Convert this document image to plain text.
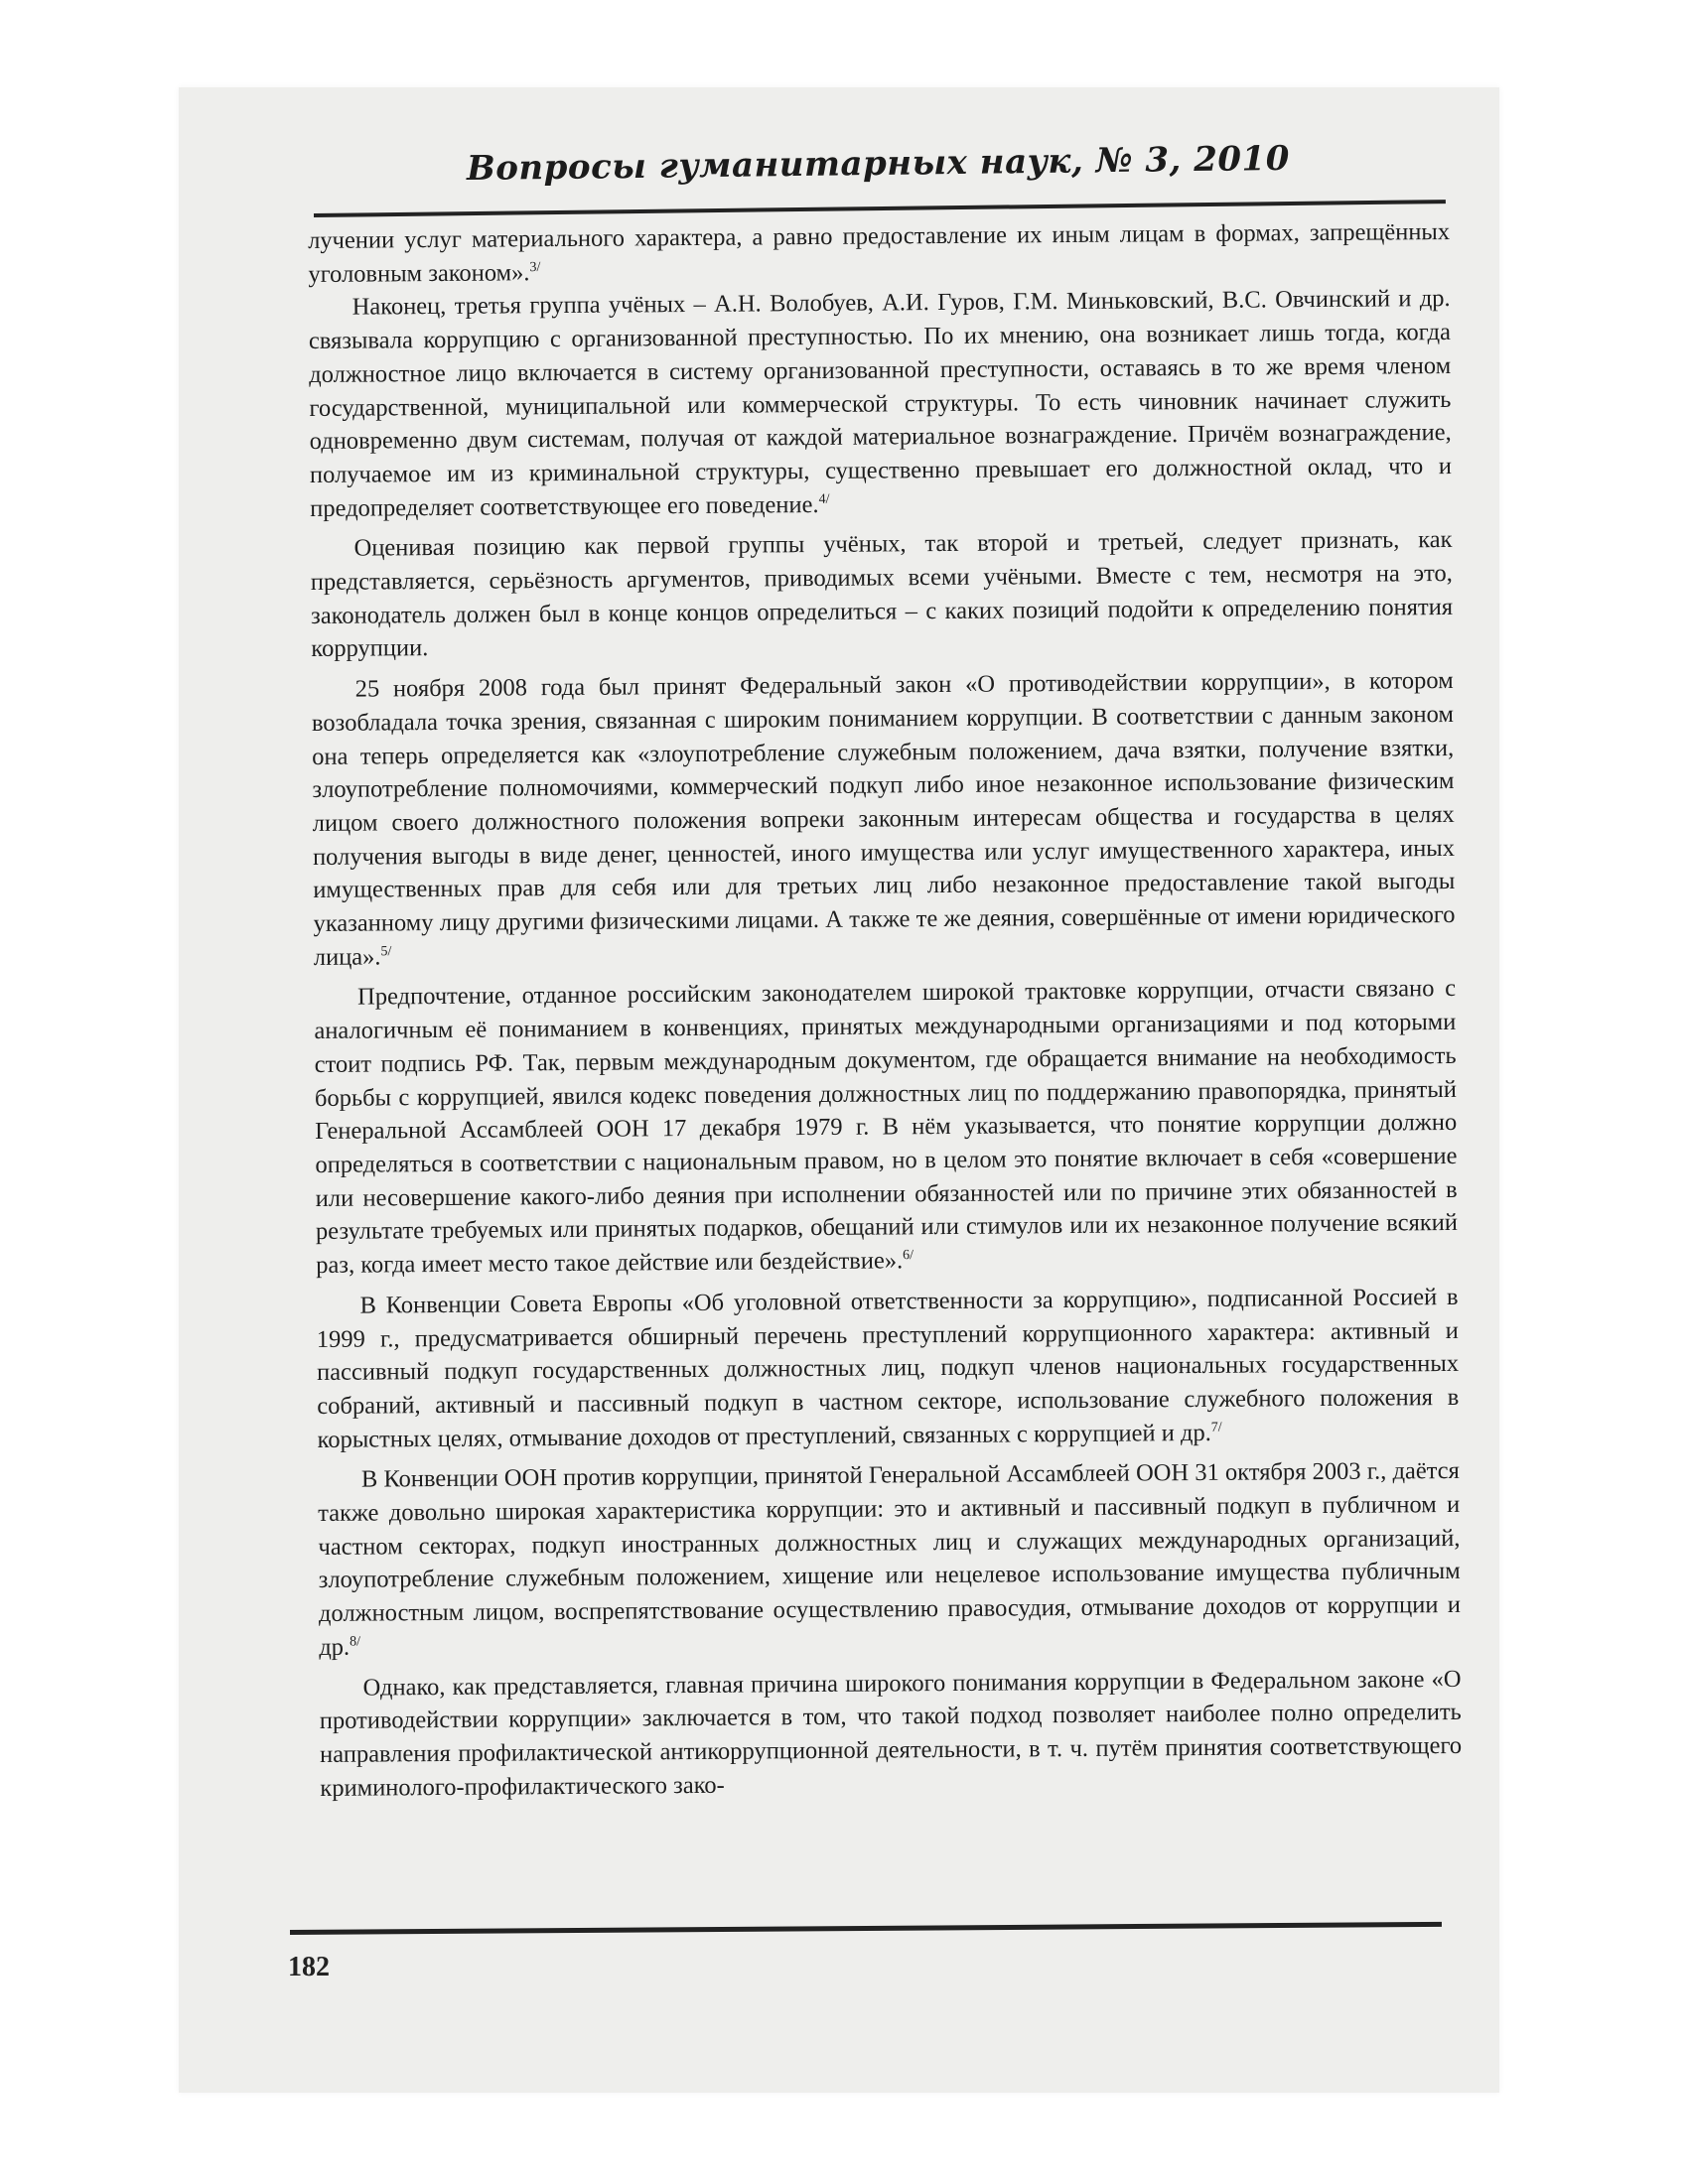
Вопросы гуманитарных наук, № 3, 2010

лучении услуг материального характера, а равно предоставление их иным лицам в формах, запрещённых уголовным законом».$^{3/}$

Наконец, третья группа учёных – А.Н. Волобуев, А.И. Гуров, Г.М. Миньковский, В.С. Овчинский и др. связывала коррупцию с организованной преступностью. По их мнению, она возникает лишь тогда, когда должностное лицо включается в систему организованной преступности, оставаясь в то же время членом государственной, муниципальной или коммерческой структуры. То есть чиновник начинает служить одновременно двум системам, получая от каждой материальное вознаграждение. Причём вознаграждение, получаемое им из криминальной структуры, существенно превышает его должностной оклад, что и предопределяет соответствующее его поведение.$^{4/}$

Оценивая позицию как первой группы учёных, так второй и третьей, следует признать, как представляется, серьёзность аргументов, приводимых всеми учёными. Вместе с тем, несмотря на это, законодатель должен был в конце концов определиться – с каких позиций подойти к определению понятия коррупции.

25 ноября 2008 года был принят Федеральный закон «О противодействии коррупции», в котором возобладала точка зрения, связанная с широким пониманием коррупции. В соответствии с данным законом она теперь определяется как «злоупотребление служебным положением, дача взятки, получение взятки, злоупотребление полномочиями, коммерческий подкуп либо иное незаконное использование физическим лицом своего должностного положения вопреки законным интересам общества и государства в целях получения выгоды в виде денег, ценностей, иного имущества или услуг имущественного характера, иных имущественных прав для себя или для третьих лиц либо незаконное предоставление такой выгоды указанному лицу другими физическими лицами. А также те же деяния, совершённые от имени юридического лица».$^{5/}$

Предпочтение, отданное российским законодателем широкой трактовке коррупции, отчасти связано с аналогичным её пониманием в конвенциях, принятых международными организациями и под которыми стоит подпись РФ. Так, первым международным документом, где обращается внимание на необходимость борьбы с коррупцией, явился кодекс поведения должностных лиц по поддержанию правопорядка, принятый Генеральной Ассамблеей ООН 17 декабря 1979 г. В нём указывается, что понятие коррупции должно определяться в соответствии с национальным правом, но в целом это понятие включает в себя «совершение или несовершение какого-либо деяния при исполнении обязанностей или по причине этих обязанностей в результате требуемых или принятых подарков, обещаний или стимулов или их незаконное получение всякий раз, когда имеет место такое действие или бездействие».$^{6/}$

В Конвенции Совета Европы «Об уголовной ответственности за коррупцию», подписанной Россией в 1999 г., предусматривается обширный перечень преступлений коррупционного характера: активный и пассивный подкуп государственных должностных лиц, подкуп членов национальных государственных собраний, активный и пассивный подкуп в частном секторе, использование служебного положения в корыстных целях, отмывание доходов от преступлений, связанных с коррупцией и др.$^{7/}$

В Конвенции ООН против коррупции, принятой Генеральной Ассамблеей ООН 31 октября 2003 г., даётся также довольно широкая характеристика коррупции: это и активный и пассивный подкуп в публичном и частном секторах, подкуп иностранных должностных лиц и служащих международных организаций, злоупотребление служебным положением, хищение или нецелевое использование имущества публичным должностным лицом, воспрепятствование осуществлению правосудия, отмывание доходов от коррупции и др.$^{8/}$

Однако, как представляется, главная причина широкого понимания коррупции в Федеральном законе «О противодействии коррупции» заключается в том, что такой подход позволяет наиболее полно определить направления профилактической антикоррупционной деятельности, в т. ч. путём принятия соответствующего криминолого-профилактического зако-

182
